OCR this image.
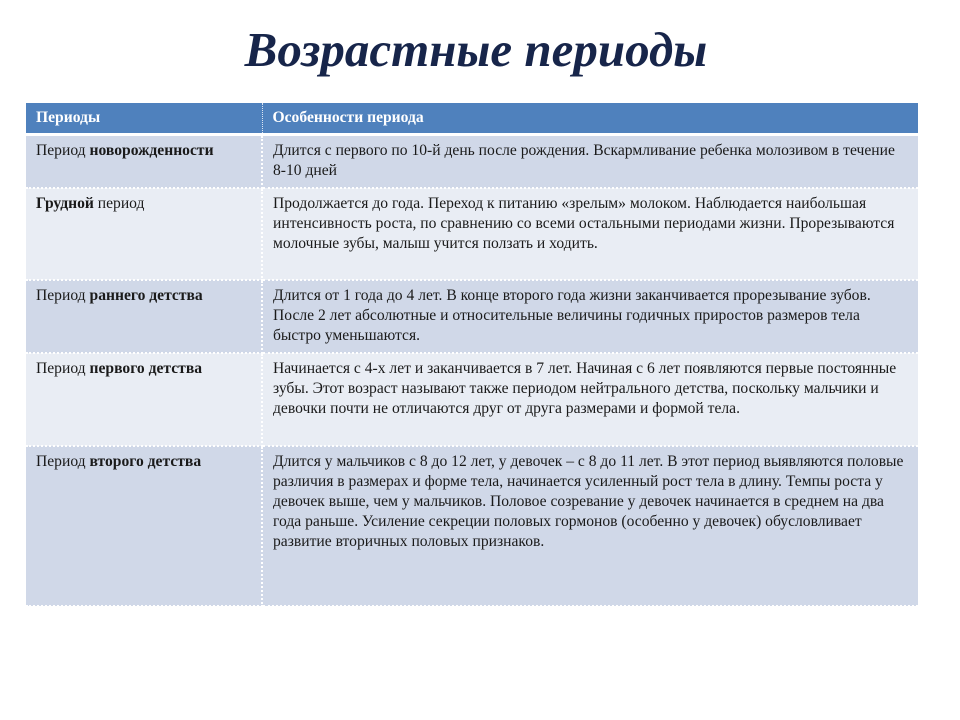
Возрастные периоды
Периоды	Особенности периода
Период новорожденности	Длится с первого по 10-й день после рождения. Вскармливание ребенка молозивом в течение 8-10 дней
Грудной период	Продолжается до года. Переход к питанию «зрелым» молоком. Наблюдается наибольшая интенсивность роста, по сравнению со всеми остальными периодами жизни. Прорезываются молочные зубы, малыш учится ползать и ходить.
Период раннего детства	Длится от 1 года до 4 лет. В конце второго года жизни заканчивается прорезывание зубов. После 2 лет абсолютные и относительные величины годичных приростов размеров тела быстро уменьшаются.
Период первого детства	Начинается с 4-х лет и заканчивается в 7 лет. Начиная с 6 лет появляются первые постоянные зубы. Этот возраст называют также периодом нейтрального детства, поскольку мальчики и девочки почти не отличаются друг от друга размерами и формой тела.
Период второго детства	Длится у мальчиков с 8 до 12 лет, у девочек – с 8 до 11 лет. В этот период выявляются половые различия в размерах и форме тела, начинается усиленный рост тела в длину. Темпы роста у девочек выше, чем у мальчиков. Половое созревание у девочек начинается в среднем на два года раньше. Усиление секреции половых гормонов (особенно у девочек) обусловливает развитие вторичных половых признаков.
